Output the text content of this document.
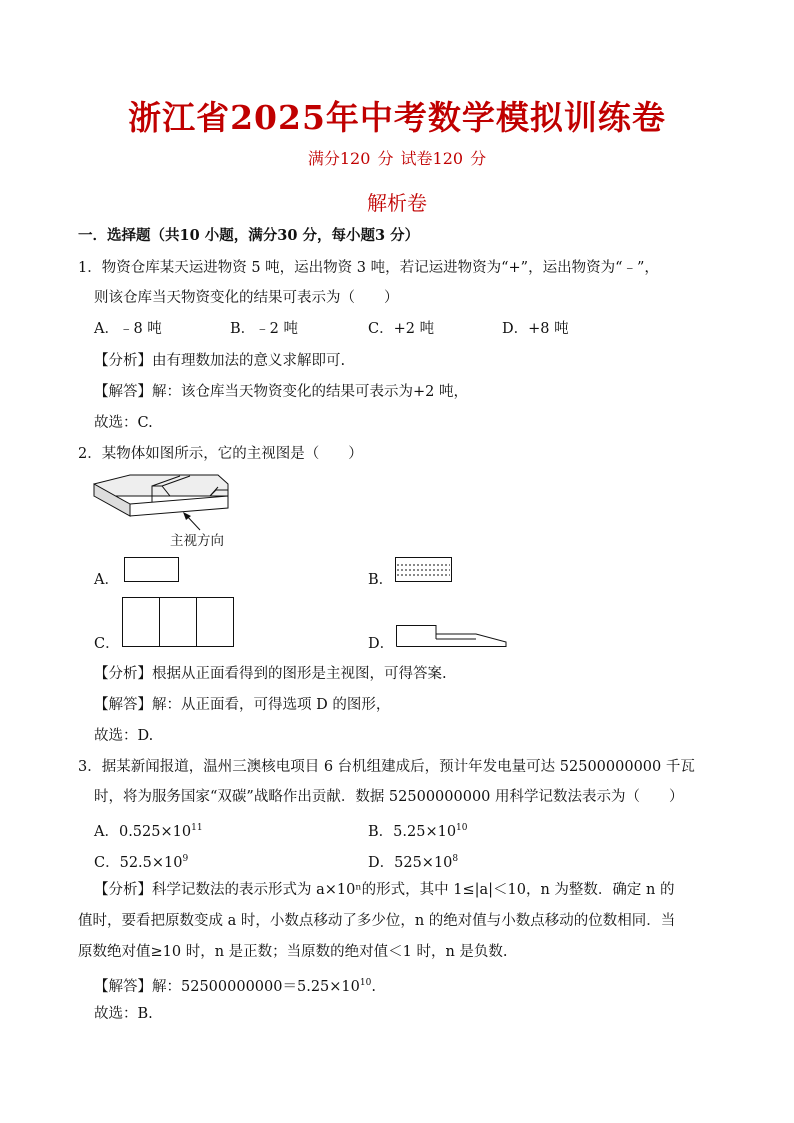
浙江省2025年中考数学模拟训练卷
满分120 分 试卷120 分
解析卷
一．选择题（共10 小题，满分30 分，每小题3 分）
1．物资仓库某天运进物资 5 吨，运出物资 3 吨，若记运进物资为“+”，运出物资为“﹣”，
则该仓库当天物资变化的结果可表示为（　　）
A．﹣8 吨	B．﹣2 吨	C．+2 吨	D．+8 吨
【分析】由有理数加法的意义求解即可.
【解答】解：该仓库当天物资变化的结果可表示为+2 吨，
故选：C.
2．某物体如图所示，它的主视图是（　　）
主视方向
A．	B．
C．	D．
【分析】根据从正面看得到的图形是主视图，可得答案.
【解答】解：从正面看，可得选项 D 的图形，
故选：D.
3．据某新闻报道，温州三澳核电项目 6 台机组建成后，预计年发电量可达 52500000000 千瓦
时，将为服务国家“双碳”战略作出贡献．数据 52500000000 用科学记数法表示为（　　）
A．$0.525\times 10^{11}$	B．$5.25\times 10^{10}$
C．$52.5\times 10^9$	D．$525\times 10^8$
【分析】科学记数法的表示形式为 a×10ⁿ的形式，其中 1≤|a|＜10，n 为整数．确定 n 的
值时，要看把原数变成 a 时，小数点移动了多少位，n 的绝对值与小数点移动的位数相同．当
原数绝对值≥10 时，n 是正数；当原数的绝对值＜1 时，n 是负数.
【解答】解：$52500000000=5.25\times 10^{10}$.
故选：B.
